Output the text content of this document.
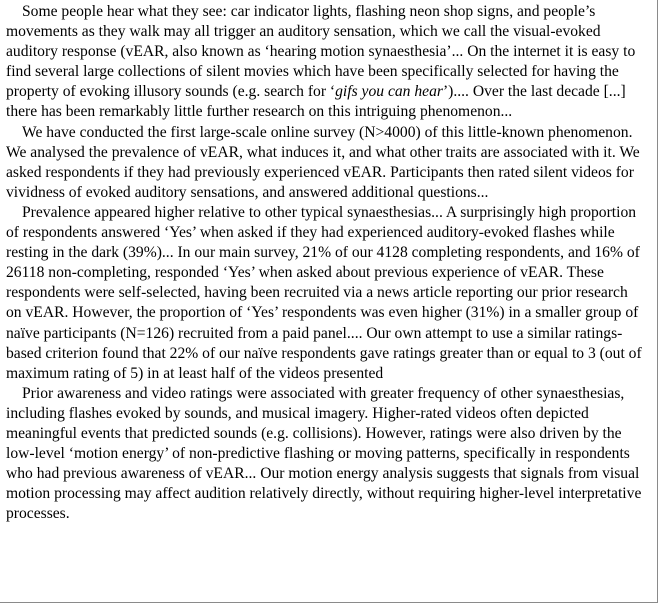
Some people hear what they see: car indicator lights, flashing neon shop signs, and people’s movements as they walk may all trigger an auditory sensation, which we call the visual-evoked auditory response (vEAR, also known as ‘hearing motion synaesthesia’... On the internet it is easy to find several large collections of silent movies which have been specifically selected for having the property of evoking illusory sounds (e.g. search for ‘gifs you can hear’).... Over the last decade [...] there has been remarkably little further research on this intriguing phenomenon...

We have conducted the first large-scale online survey (N>4000) of this little-known phenomenon. We analysed the prevalence of vEAR, what induces it, and what other traits are associated with it. We asked respondents if they had previously experienced vEAR. Participants then rated silent videos for vividness of evoked auditory sensations, and answered additional questions...

Prevalence appeared higher relative to other typical synaesthesias... A surprisingly high proportion of respondents answered ‘Yes’ when asked if they had experienced auditory-evoked flashes while resting in the dark (39%)... In our main survey, 21% of our 4128 completing respondents, and 16% of 26118 non-completing, responded ‘Yes’ when asked about previous experience of vEAR. These respondents were self-selected, having been recruited via a news article reporting our prior research on vEAR. However, the proportion of ‘Yes’ respondents was even higher (31%) in a smaller group of naïve participants (N=126) recruited from a paid panel.... Our own attempt to use a similar ratings-based criterion found that 22% of our naïve respondents gave ratings greater than or equal to 3 (out of maximum rating of 5) in at least half of the videos presented

Prior awareness and video ratings were associated with greater frequency of other synaesthesias, including flashes evoked by sounds, and musical imagery. Higher-rated videos often depicted meaningful events that predicted sounds (e.g. collisions). However, ratings were also driven by the low-level ‘motion energy’ of non-predictive flashing or moving patterns, specifically in respondents who had previous awareness of vEAR... Our motion energy analysis suggests that signals from visual motion processing may affect audition relatively directly, without requiring higher-level interpretative processes.
